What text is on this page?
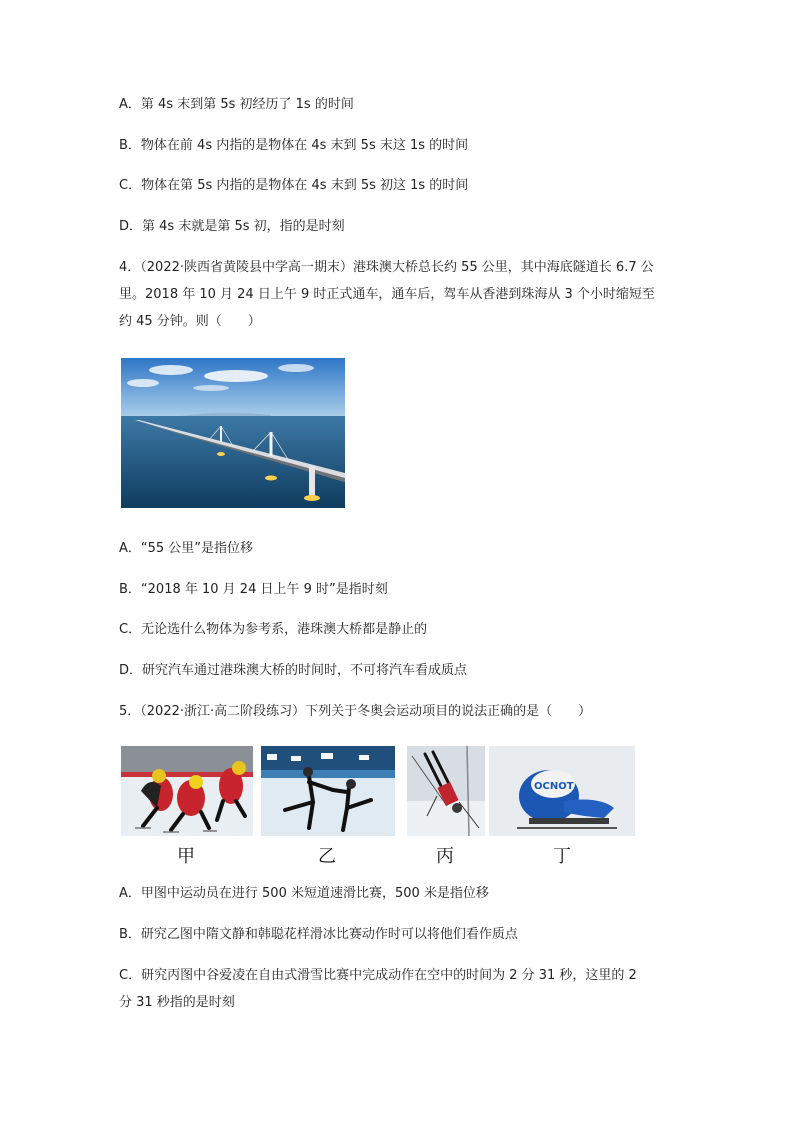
A．第 4s 末到第 5s 初经历了 1s 的时间
B．物体在前 4s 内指的是物体在 4s 末到 5s 末这 1s 的时间
C．物体在第 5s 内指的是物体在 4s 末到 5s 初这 1s 的时间
D．第 4s 末就是第 5s 初，指的是时刻
4．（2022·陕西省黄陵县中学高一期末）港珠澳大桥总长约 55 公里，其中海底隧道长 6.7 公
里。2018 年 10 月 24 日上午 9 时正式通车，通车后，驾车从香港到珠海从 3 个小时缩短至
约 45 分钟。则（　　）
A．“55 公里”是指位移
B．“2018 年 10 月 24 日上午 9 时”是指时刻
C．无论选什么物体为参考系，港珠澳大桥都是静止的
D．研究汽车通过港珠澳大桥的时间时，不可将汽车看成质点
5．（2022·浙江·高二阶段练习）下列关于冬奥会运动项目的说法正确的是（　　）
OCNOT
甲	乙	丙	丁
A．甲图中运动员在进行 500 米短道速滑比赛，500 米是指位移
B．研究乙图中隋文静和韩聪花样滑冰比赛动作时可以将他们看作质点
C．研究丙图中谷爱凌在自由式滑雪比赛中完成动作在空中的时间为 2 分 31 秒，这里的 2
分 31 秒指的是时刻
